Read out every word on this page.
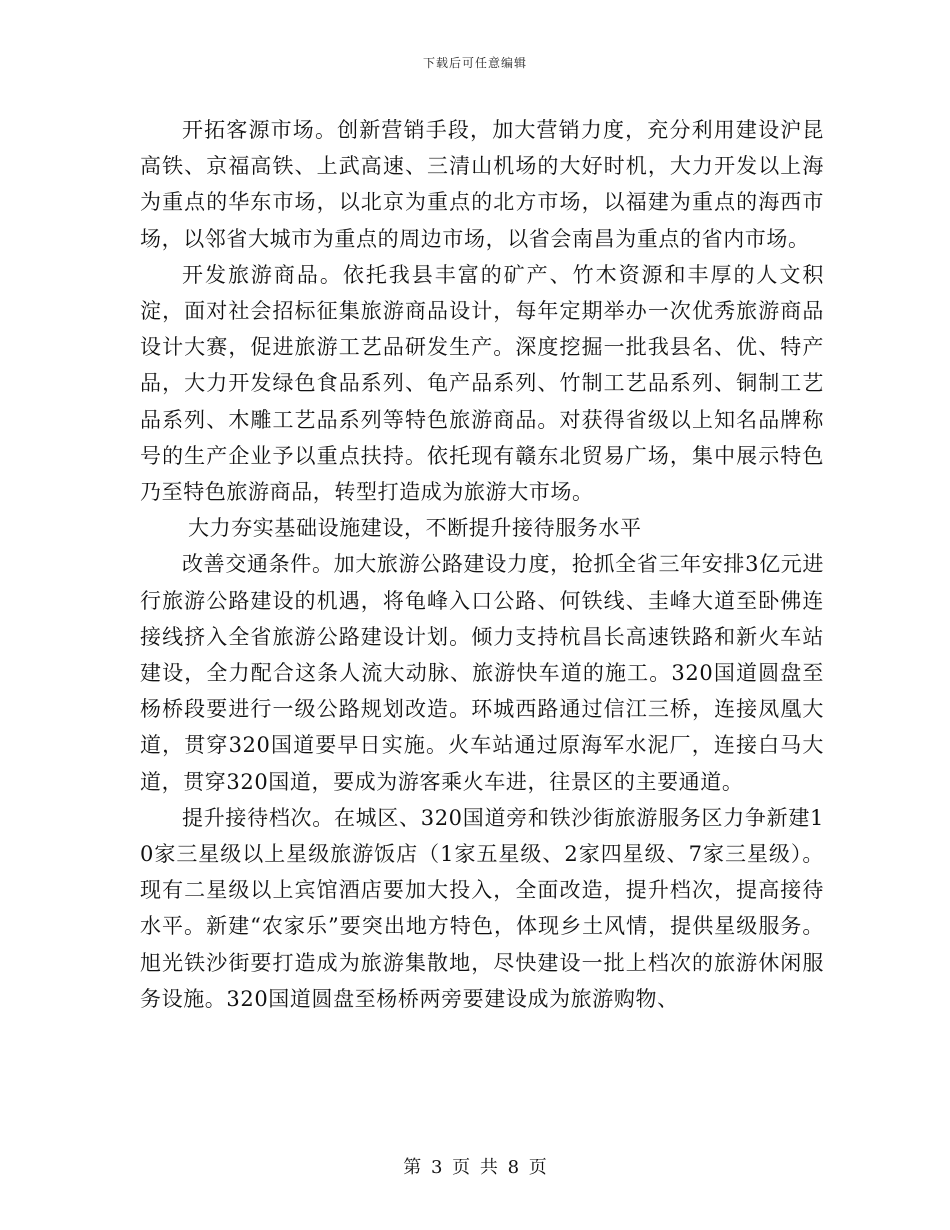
下载后可任意编辑

开拓客源市场。创新营销手段，加大营销力度，充分利用建设沪昆高铁、京福高铁、上武高速、三清山机场的大好时机，大力开发以上海为重点的华东市场，以北京为重点的北方市场，以福建为重点的海西市场，以邻省大城市为重点的周边市场，以省会南昌为重点的省内市场。

开发旅游商品。依托我县丰富的矿产、竹木资源和丰厚的人文积淀，面对社会招标征集旅游商品设计，每年定期举办一次优秀旅游商品设计大赛，促进旅游工艺品研发生产。深度挖掘一批我县名、优、特产品，大力开发绿色食品系列、龟产品系列、竹制工艺品系列、铜制工艺品系列、木雕工艺品系列等特色旅游商品。对获得省级以上知名品牌称号的生产企业予以重点扶持。依托现有赣东北贸易广场，集中展示特色乃至特色旅游商品，转型打造成为旅游大市场。

大力夯实基础设施建设，不断提升接待服务水平

改善交通条件。加大旅游公路建设力度，抢抓全省三年安排3亿元进行旅游公路建设的机遇，将龟峰入口公路、何铁线、圭峰大道至卧佛连接线挤入全省旅游公路建设计划。倾力支持杭昌长高速铁路和新火车站建设，全力配合这条人流大动脉、旅游快车道的施工。320国道圆盘至杨桥段要进行一级公路规划改造。环城西路通过信江三桥，连接凤凰大道，贯穿320国道要早日实施。火车站通过原海军水泥厂，连接白马大道，贯穿320国道，要成为游客乘火车进，往景区的主要通道。

提升接待档次。在城区、320国道旁和铁沙街旅游服务区力争新建10家三星级以上星级旅游饭店（1家五星级、2家四星级、7家三星级）。现有二星级以上宾馆酒店要加大投入，全面改造，提升档次，提高接待水平。新建“农家乐”要突出地方特色，体现乡土风情，提供星级服务。旭光铁沙街要打造成为旅游集散地，尽快建设一批上档次的旅游休闲服务设施。320国道圆盘至杨桥两旁要建设成为旅游购物、

第 3 页 共 8 页
